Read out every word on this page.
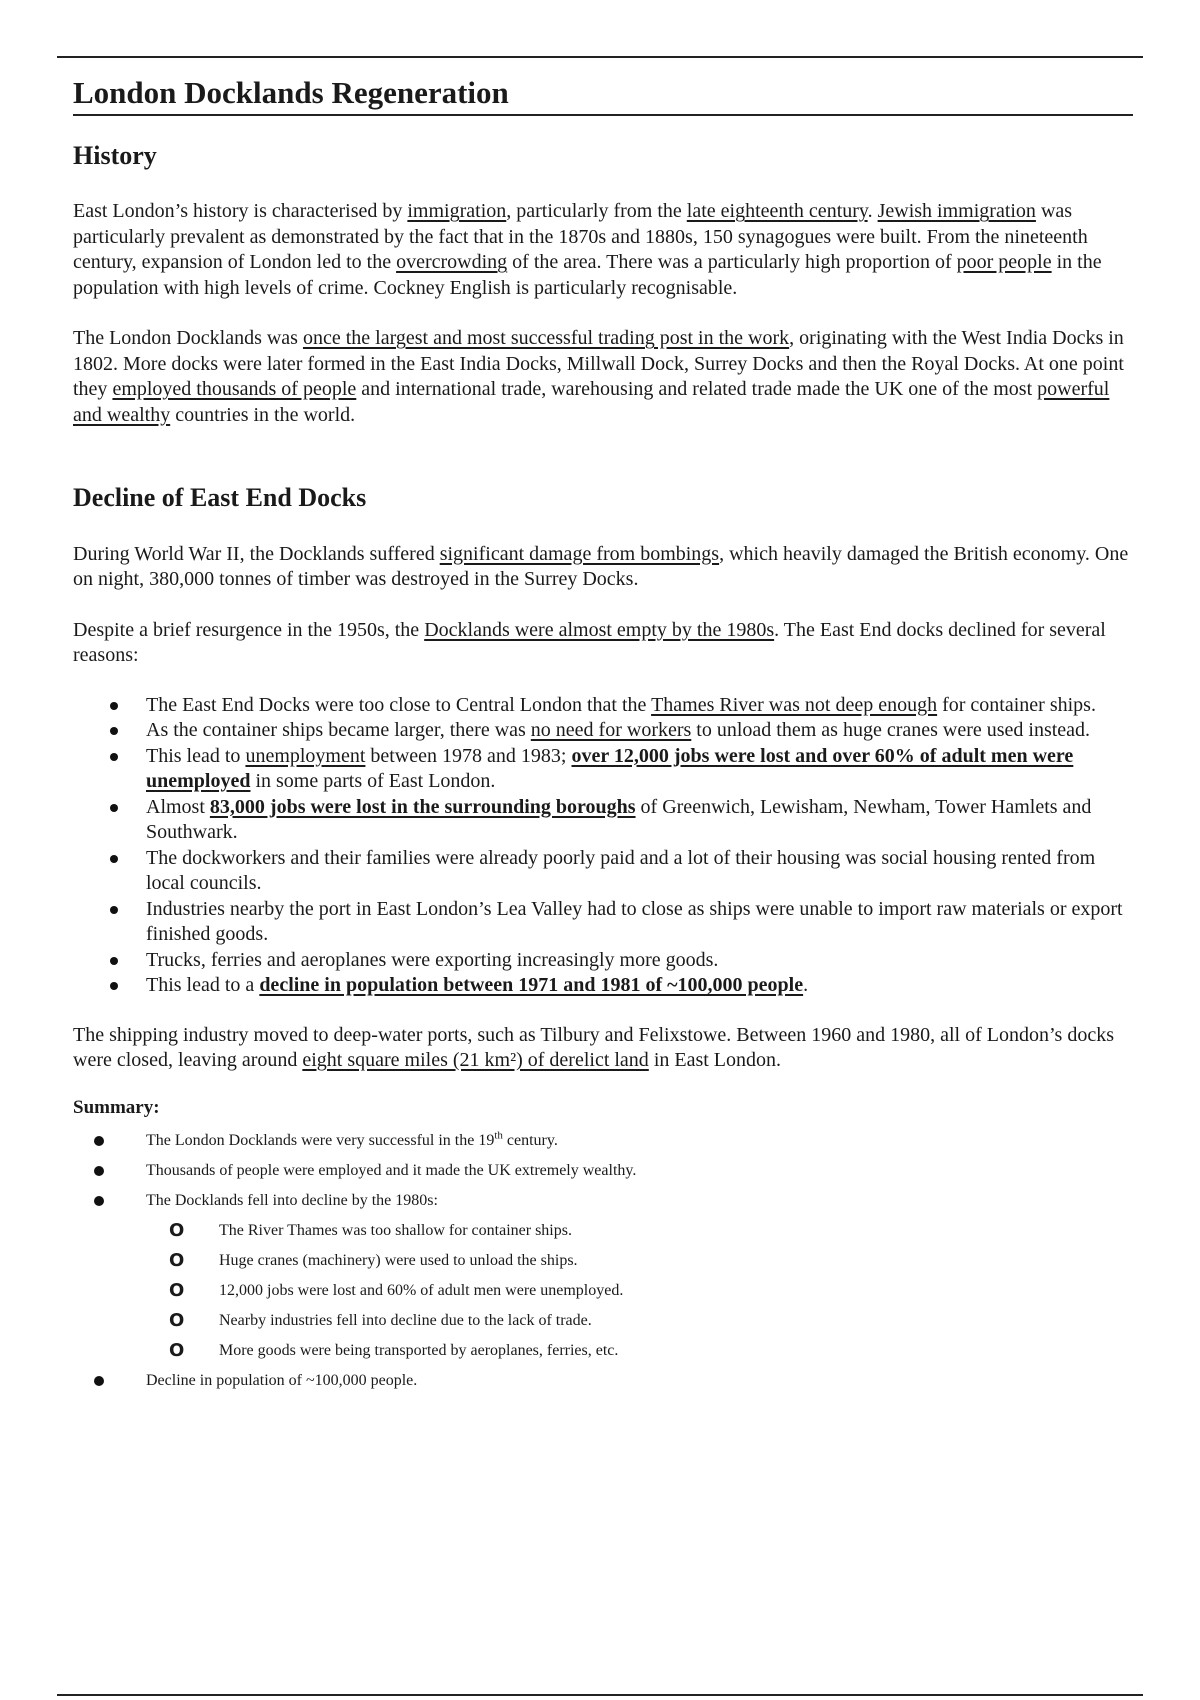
London Docklands Regeneration
History

East London’s history is characterised by immigration, particularly from the late eighteenth century. Jewish immigration was particularly prevalent as demonstrated by the fact that in the 1870s and 1880s, 150 synagogues were built. From the nineteenth century, expansion of London led to the overcrowding of the area. There was a particularly high proportion of poor people in the population with high levels of crime. Cockney English is particularly recognisable.

The London Docklands was once the largest and most successful trading post in the work, originating with the West India Docks in 1802. More docks were later formed in the East India Docks, Millwall Dock, Surrey Docks and then the Royal Docks. At one point they employed thousands of people and international trade, warehousing and related trade made the UK one of the most powerful and wealthy countries in the world.

Decline of East End Docks

During World War II, the Docklands suffered significant damage from bombings, which heavily damaged the British economy. One on night, 380,000 tonnes of timber was destroyed in the Surrey Docks.

Despite a brief resurgence in the 1950s, the Docklands were almost empty by the 1980s. The East End docks declined for several reasons:

The East End Docks were too close to Central London that the Thames River was not deep enough for container ships.
As the container ships became larger, there was no need for workers to unload them as huge cranes were used instead.
This lead to unemployment between 1978 and 1983; over 12,000 jobs were lost and over 60% of adult men were unemployed in some parts of East London.
Almost 83,000 jobs were lost in the surrounding boroughs of Greenwich, Lewisham, Newham, Tower Hamlets and Southwark.
The dockworkers and their families were already poorly paid and a lot of their housing was social housing rented from local councils.
Industries nearby the port in East London’s Lea Valley had to close as ships were unable to import raw materials or export finished goods.
Trucks, ferries and aeroplanes were exporting increasingly more goods.
This lead to a decline in population between 1971 and 1981 of ~100,000 people.

The shipping industry moved to deep-water ports, such as Tilbury and Felixstowe. Between 1960 and 1980, all of London’s docks were closed, leaving around eight square miles (21 km²) of derelict land in East London.

Summary:
The London Docklands were very successful in the 19th century.
Thousands of people were employed and it made the UK extremely wealthy.
The Docklands fell into decline by the 1980s:
O The River Thames was too shallow for container ships.
O Huge cranes (machinery) were used to unload the ships.
O 12,000 jobs were lost and 60% of adult men were unemployed.
O Nearby industries fell into decline due to the lack of trade.
O More goods were being transported by aeroplanes, ferries, etc.
Decline in population of ~100,000 people.
